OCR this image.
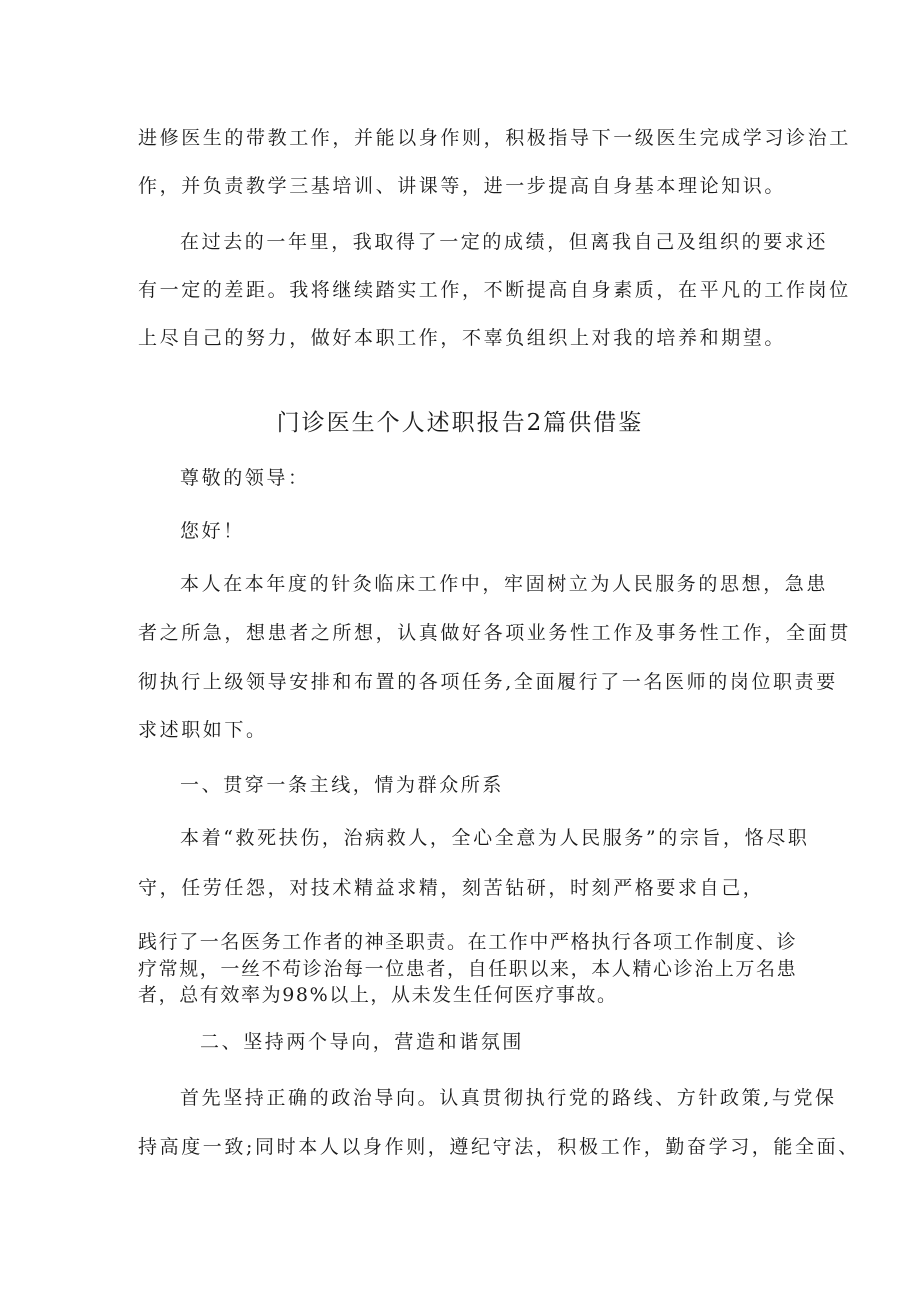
进修医生的带教工作，并能以身作则，积极指导下一级医生完成学习诊治工
作，并负责教学三基培训、讲课等，进一步提高自身基本理论知识。
在过去的一年里，我取得了一定的成绩，但离我自己及组织的要求还
有一定的差距。我将继续踏实工作，不断提高自身素质，在平凡的工作岗位
上尽自己的努力，做好本职工作，不辜负组织上对我的培养和期望。
门诊医生个人述职报告2篇供借鉴
尊敬的领导：
您好！
本人在本年度的针灸临床工作中，牢固树立为人民服务的思想，急患
者之所急，想患者之所想，认真做好各项业务性工作及事务性工作，全面贯
彻执行上级领导安排和布置的各项任务,全面履行了一名医师的岗位职责要
求述职如下。
一、贯穿一条主线，情为群众所系
本着“救死扶伤，治病救人，全心全意为人民服务”的宗旨，恪尽职
守，任劳任怨，对技术精益求精，刻苦钻研，时刻严格要求自己，
践行了一名医务工作者的神圣职责。在工作中严格执行各项工作制度、诊
疗常规，一丝不苟诊治每一位患者，自任职以来，本人精心诊治上万名患
者，总有效率为98%以上，从未发生任何医疗事故。
二、坚持两个导向，营造和谐氛围
首先坚持正确的政治导向。认真贯彻执行党的路线、方针政策,与党保
持高度一致;同时本人以身作则，遵纪守法，积极工作，勤奋学习，能全面、
